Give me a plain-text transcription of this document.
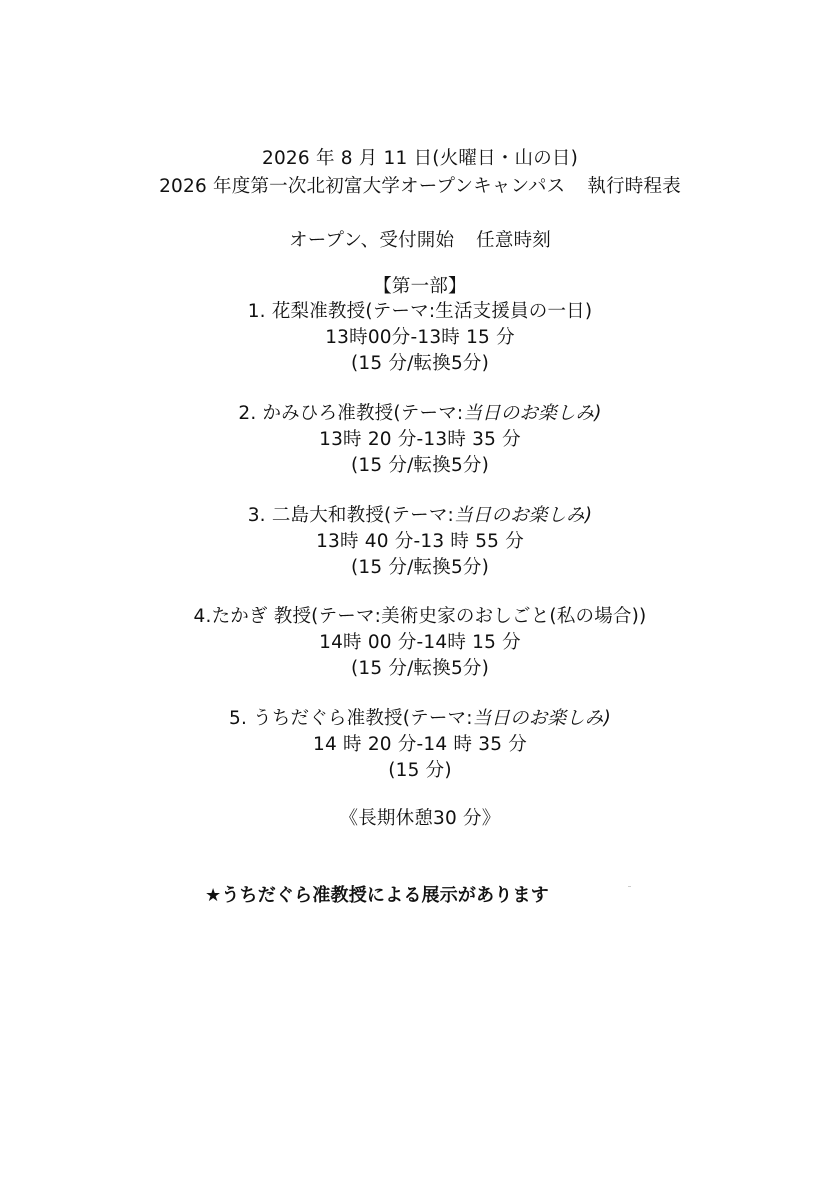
2026 年 8 月 11 日(火曜日・山の日)
2026 年度第一次北初富大学オープンキャンパス 執行時程表
オープン、受付開始 任意時刻
【第一部】
1. 花梨准教授(テーマ:生活支援員の一日)
13時00分-13時 15 分
(15 分/転換5分)
2. かみひろ准教授(テーマ:当日のお楽しみ)
13時 20 分-13時 35 分
(15 分/転換5分)
3. 二島大和教授(テーマ:当日のお楽しみ)
13時 40 分-13 時 55 分
(15 分/転換5分)
4.たかぎ 教授(テーマ:美術史家のおしごと(私の場合))
14時 00 分-14時 15 分
(15 分/転換5分)
5. うちだぐら准教授(テーマ:当日のお楽しみ)
14 時 20 分-14 時 35 分
(15 分)
《長期休憩30 分》
★うちだぐら准教授による展示があります
